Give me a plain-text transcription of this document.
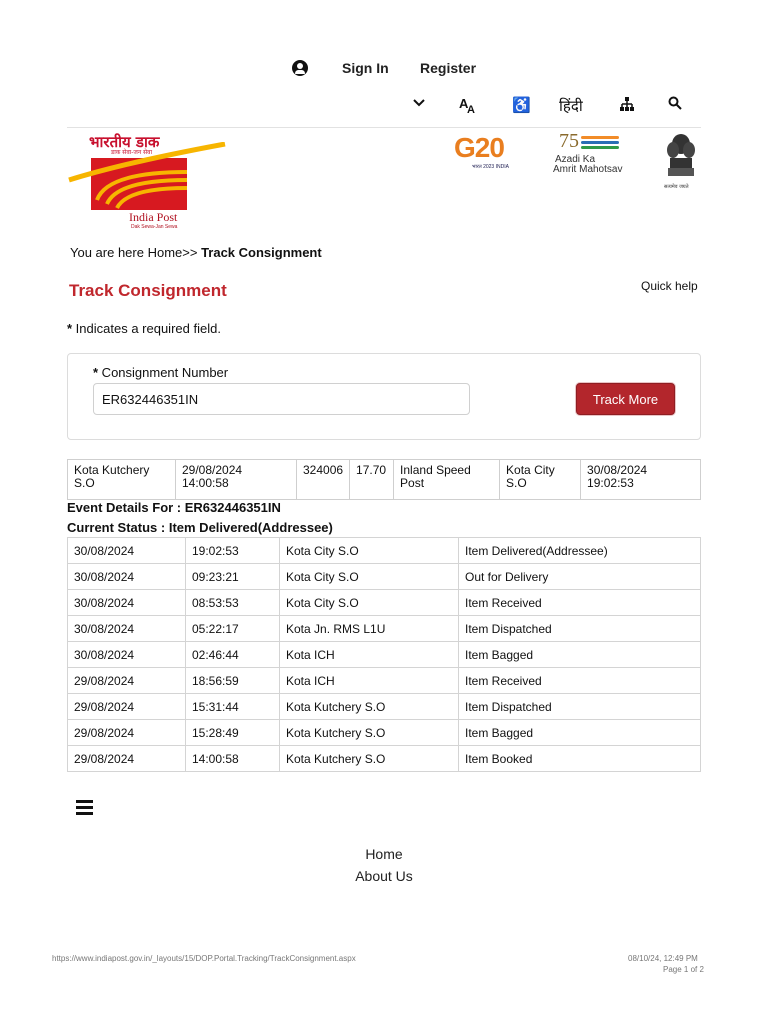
Sign In Register
A
A ♿ हिंदी
भारतीय डाक
डाक सेवा-जन सेवा
India Post
Dak Sewa-Jan Sewa
G20
भारत 2023 INDIA
75
Azadi Ka
Amrit Mahotsav
सत्यमेव जयते
You are here Home>> Track Consignment
Track Consignment	Quick help
* Indicates a required field.
* Consignment Number
ER632446351IN
Track More
Kota Kutchery S.O	29/08/2024 14:00:58	324006	17.70	Inland Speed Post	Kota City S.O	30/08/2024 19:02:53
Event Details For : ER632446351IN
Current Status : Item Delivered(Addressee)
30/08/2024	19:02:53	Kota City S.O	Item Delivered(Addressee)
30/08/2024	09:23:21	Kota City S.O	Out for Delivery
30/08/2024	08:53:53	Kota City S.O	Item Received
30/08/2024	05:22:17	Kota Jn. RMS L1U	Item Dispatched
30/08/2024	02:46:44	Kota ICH	Item Bagged
29/08/2024	18:56:59	Kota ICH	Item Received
29/08/2024	15:31:44	Kota Kutchery S.O	Item Dispatched
29/08/2024	15:28:49	Kota Kutchery S.O	Item Bagged
29/08/2024	14:00:58	Kota Kutchery S.O	Item Booked
Home
About Us
https://www.indiapost.gov.in/_layouts/15/DOP.Portal.Tracking/TrackConsignment.aspx	08/10/24, 12:49 PM
Page 1 of 2
